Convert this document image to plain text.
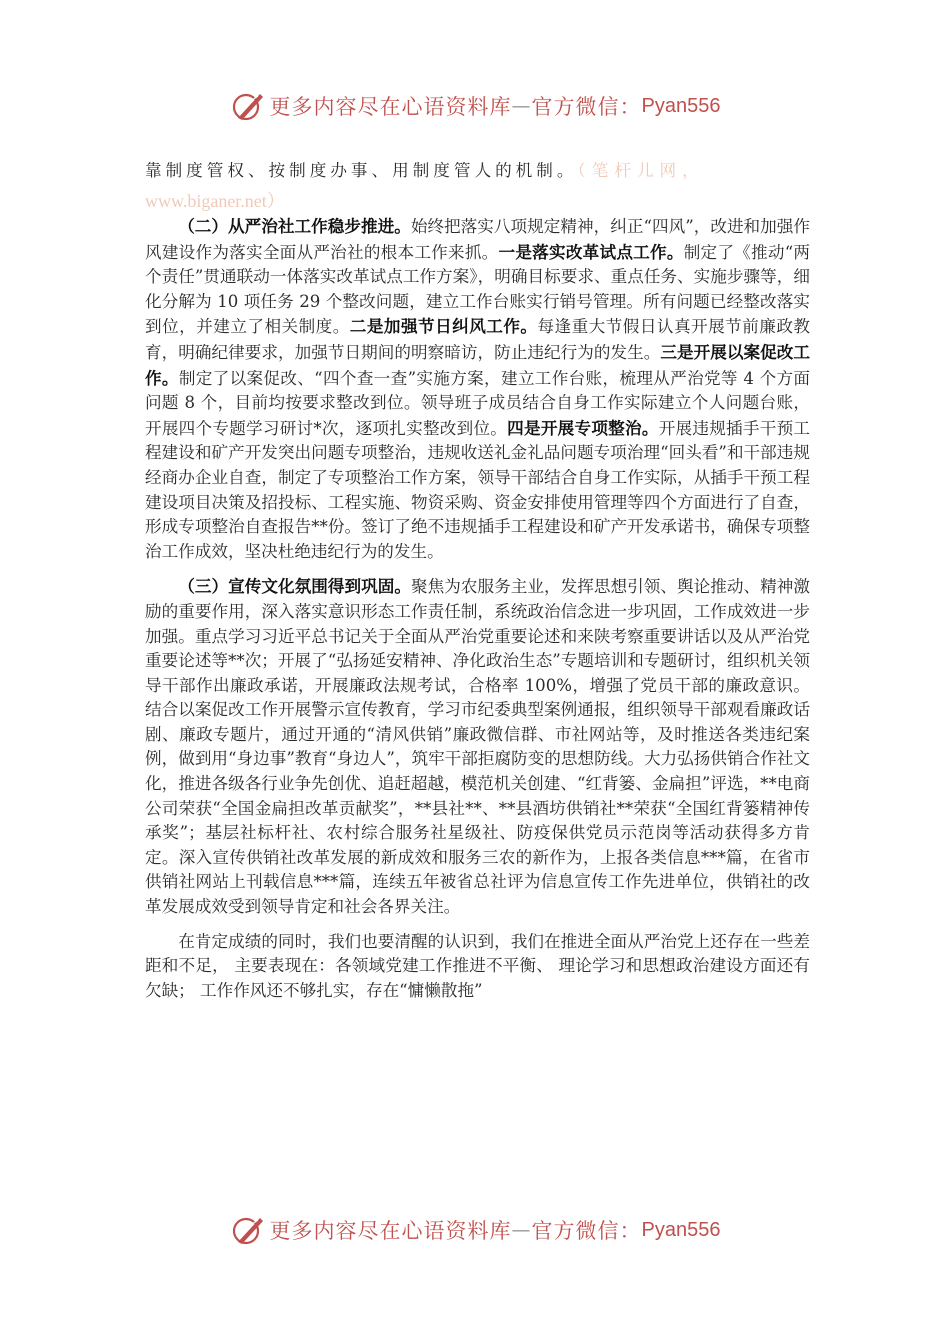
更多内容尽在心语资料库 — 官方微信： Pyan556

靠制度管权、按制度办事、用制度管人的机制。（笔杆儿网，

www.biganer.net）

（二）从严治社工作稳步推进。始终把落实八项规定精神，纠正“四风”，改进和加强作风建设作为落实全面从严治社的根本工作来抓。一是落实改革试点工作。制定了《推动“两个责任”贯通联动一体落实改革试点工作方案》，明确目标要求、重点任务、实施步骤等，细化分解为 10 项任务 29 个整改问题，建立工作台账实行销号管理。所有问题已经整改落实到位，并建立了相关制度。二是加强节日纠风工作。每逢重大节假日认真开展节前廉政教育，明确纪律要求，加强节日期间的明察暗访，防止违纪行为的发生。三是开展以案促改工作。制定了以案促改、“四个查一查”实施方案，建立工作台账，梳理从严治党等 4 个方面问题 8 个，目前均按要求整改到位。领导班子成员结合自身工作实际建立个人问题台账，开展四个专题学习研讨*次，逐项扎实整改到位。四是开展专项整治。开展违规插手干预工程建设和矿产开发突出问题专项整治，违规收送礼金礼品问题专项治理“回头看”和干部违规经商办企业自查，制定了专项整治工作方案，领导干部结合自身工作实际，从插手干预工程建设项目决策及招投标、工程实施、物资采购、资金安排使用管理等四个方面进行了自查，形成专项整治自查报告**份。签订了绝不违规插手工程建设和矿产开发承诺书，确保专项整治工作成效，坚决杜绝违纪行为的发生。

（三）宣传文化氛围得到巩固。聚焦为农服务主业，发挥思想引领、舆论推动、精神激励的重要作用，深入落实意识形态工作责任制，系统政治信念进一步巩固，工作成效进一步加强。重点学习习近平总书记关于全面从严治党重要论述和来陕考察重要讲话以及从严治党重要论述等**次；开展了“弘扬延安精神、净化政治生态”专题培训和专题研讨，组织机关领导干部作出廉政承诺，开展廉政法规考试，合格率 100%，增强了党员干部的廉政意识。结合以案促改工作开展警示宣传教育，学习市纪委典型案例通报，组织领导干部观看廉政话剧、廉政专题片，通过开通的“清风供销”廉政微信群、市社网站等，及时推送各类违纪案例，做到用“身边事”教育“身边人”，筑牢干部拒腐防变的思想防线。大力弘扬供销合作社文化，推进各级各行业争先创优、追赶超越，模范机关创建、“红背篓、金扁担”评选，**电商公司荣获“全国金扁担改革贡献奖”，**县社**、**县酒坊供销社**荣获“全国红背篓精神传承奖”；基层社标杆社、农村综合服务社星级社、防疫保供党员示范岗等活动获得多方肯定。深入宣传供销社改革发展的新成效和服务三农的新作为，上报各类信息***篇，在省市供销社网站上刊载信息***篇，连续五年被省总社评为信息宣传工作先进单位，供销社的改革发展成效受到领导肯定和社会各界关注。

在肯定成绩的同时，我们也要清醒的认识到，我们在推进全面从严治党上还存在一些差距和不足， 主要表现在：各领域党建工作推进不平衡、 理论学习和思想政治建设方面还有欠缺； 工作作风还不够扎实，存在“慵懒散拖”

更多内容尽在心语资料库 — 官方微信： Pyan556
